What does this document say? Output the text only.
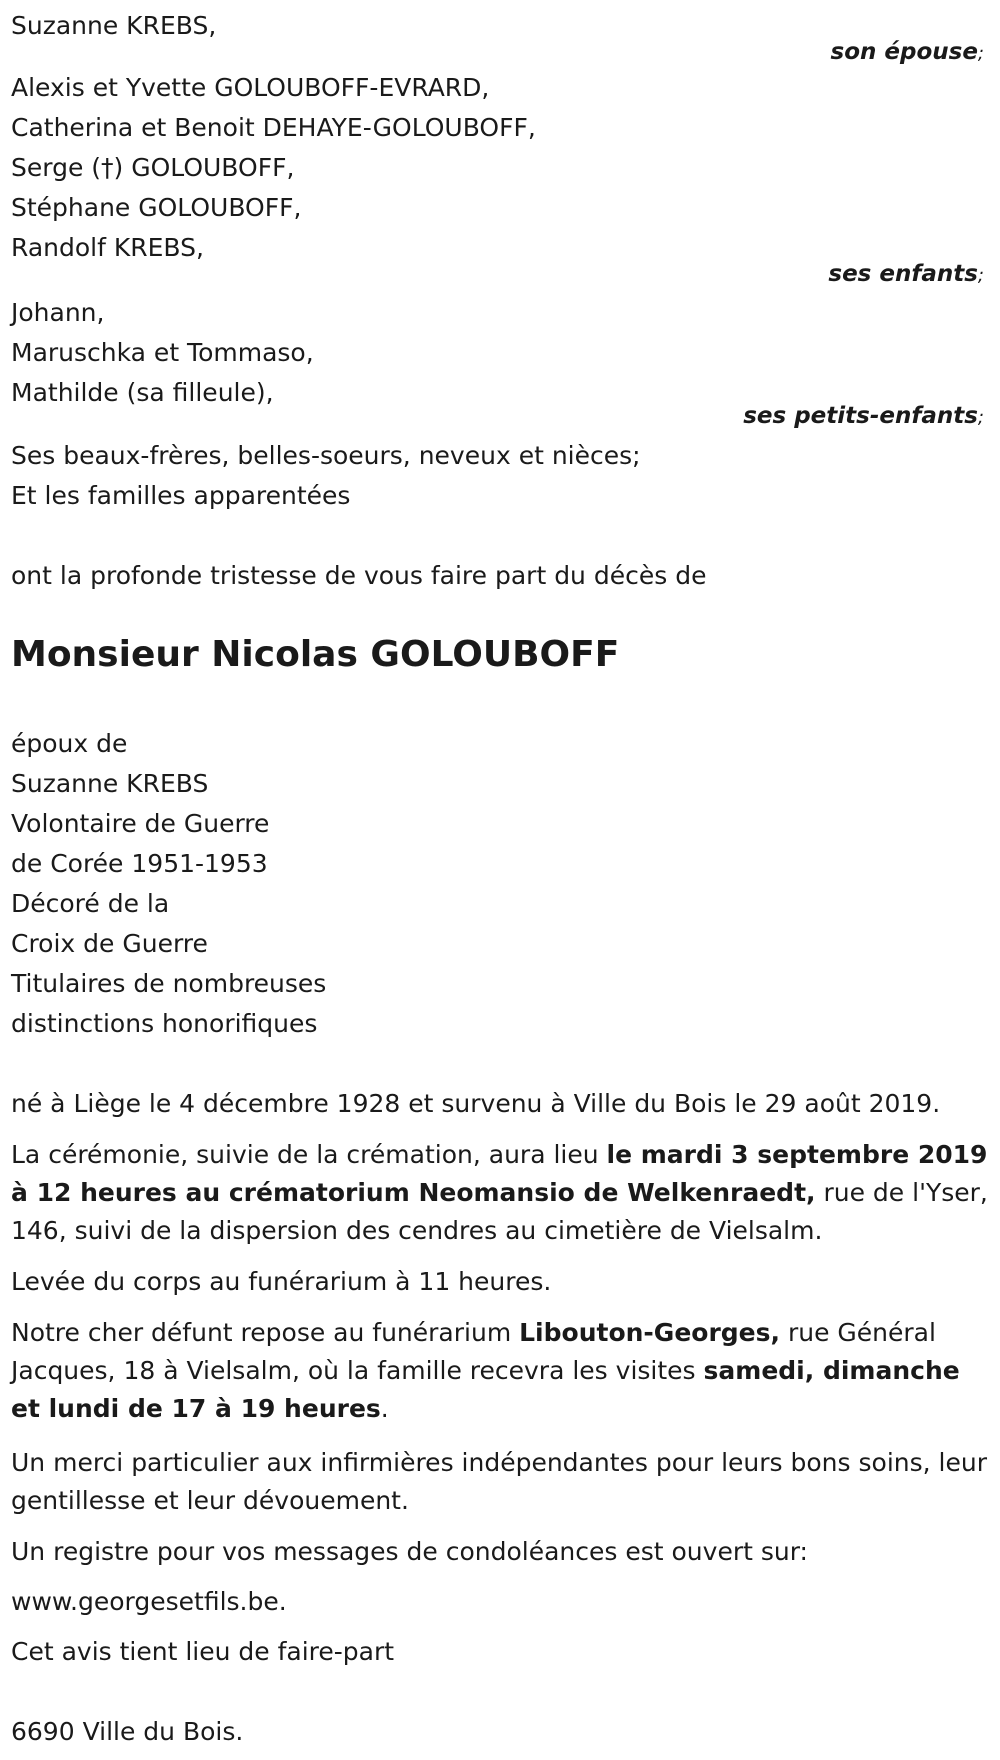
Suzanne KREBS,
son épouse;
Alexis et Yvette GOLOUBOFF-EVRARD,
Catherina et Benoit DEHAYE-GOLOUBOFF,
Serge (†) GOLOUBOFF,
Stéphane GOLOUBOFF,
Randolf KREBS,
ses enfants;
Johann,
Maruschka et Tommaso,
Mathilde (sa filleule),
ses petits-enfants;
Ses beaux-frères, belles-soeurs, neveux et nièces;
Et les familles apparentées
ont la profonde tristesse de vous faire part du décès de
Monsieur Nicolas GOLOUBOFF
époux de
Suzanne KREBS
Volontaire de Guerre
de Corée 1951-1953
Décoré de la
Croix de Guerre
Titulaires de nombreuses
distinctions honorifiques
né à Liège le 4 décembre 1928 et survenu à Ville du Bois le 29 août 2019.
La cérémonie, suivie de la crémation, aura lieu le mardi 3 septembre 2019 à 12 heures au crématorium Neomansio de Welkenraedt, rue de l'Yser, 146, suivi de la dispersion des cendres au cimetière de Vielsalm.
Levée du corps au funérarium à 11 heures.
Notre cher défunt repose au funérarium Libouton-Georges, rue Général Jacques, 18 à Vielsalm, où la famille recevra les visites samedi, dimanche et lundi de 17 à 19 heures.
Un merci particulier aux infirmières indépendantes pour leurs bons soins, leur gentillesse et leur dévouement.
Un registre pour vos messages de condoléances est ouvert sur:
www.georgesetfils.be.
Cet avis tient lieu de faire-part
6690 Ville du Bois.
